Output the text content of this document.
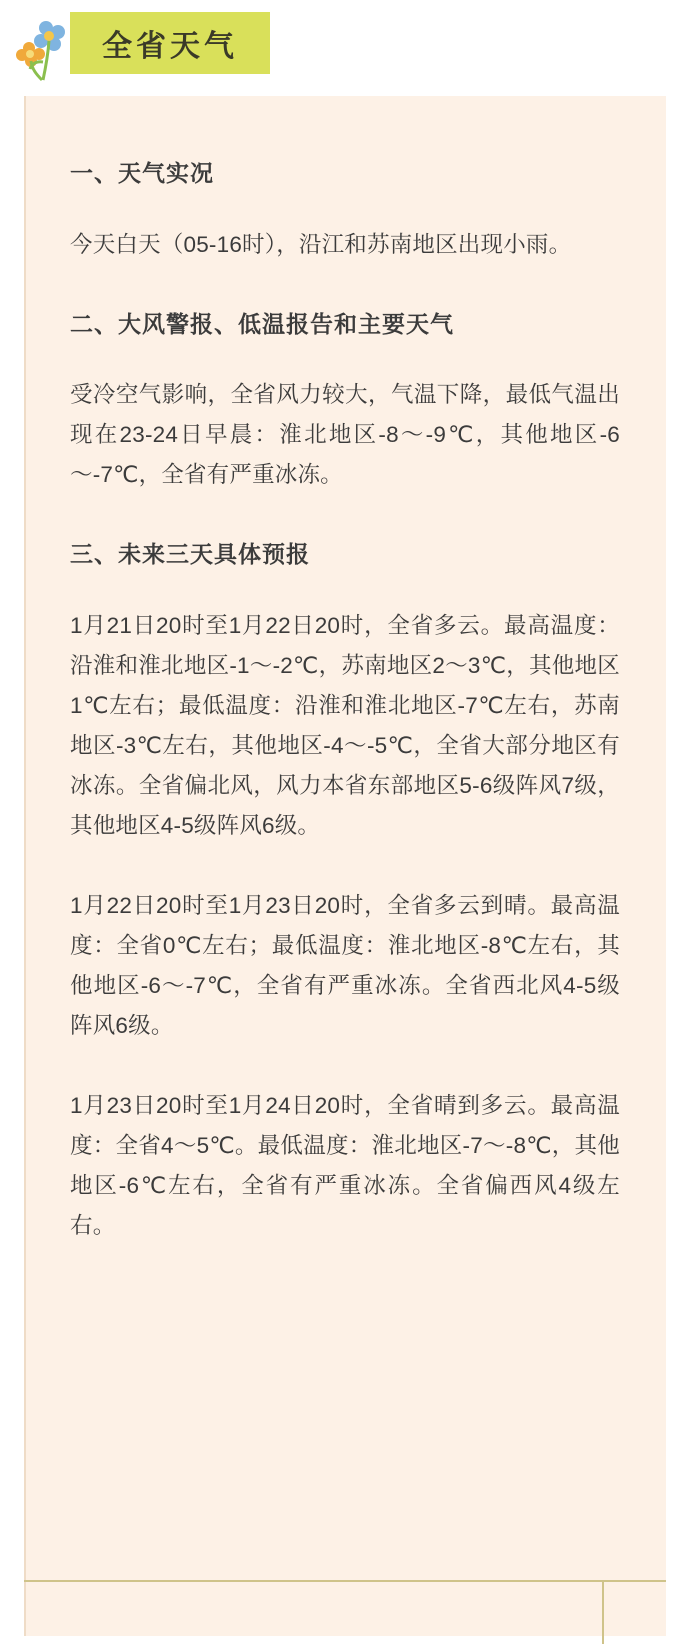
全省天气
一、天气实况

今天白天（05-16时），沿江和苏南地区出现小雨。

二、大风警报、低温报告和主要天气

受冷空气影响，全省风力较大，气温下降，最低气温出现在23-24日早晨：淮北地区-8～-9℃，其他地区-6～-7℃，全省有严重冰冻。

三、未来三天具体预报

1月21日20时至1月22日20时，全省多云。最高温度：沿淮和淮北地区-1～-2℃，苏南地区2～3℃，其他地区1℃左右；最低温度：沿淮和淮北地区-7℃左右，苏南地区-3℃左右，其他地区-4～-5℃，全省大部分地区有冰冻。全省偏北风，风力本省东部地区5-6级阵风7级，其他地区4-5级阵风6级。

1月22日20时至1月23日20时，全省多云到晴。最高温度：全省0℃左右；最低温度：淮北地区-8℃左右，其他地区-6～-7℃，全省有严重冰冻。全省西北风4-5级阵风6级。

1月23日20时至1月24日20时，全省晴到多云。最高温度：全省4～5℃。最低温度：淮北地区-7～-8℃，其他地区-6℃左右，全省有严重冰冻。全省偏西风4级左右。
